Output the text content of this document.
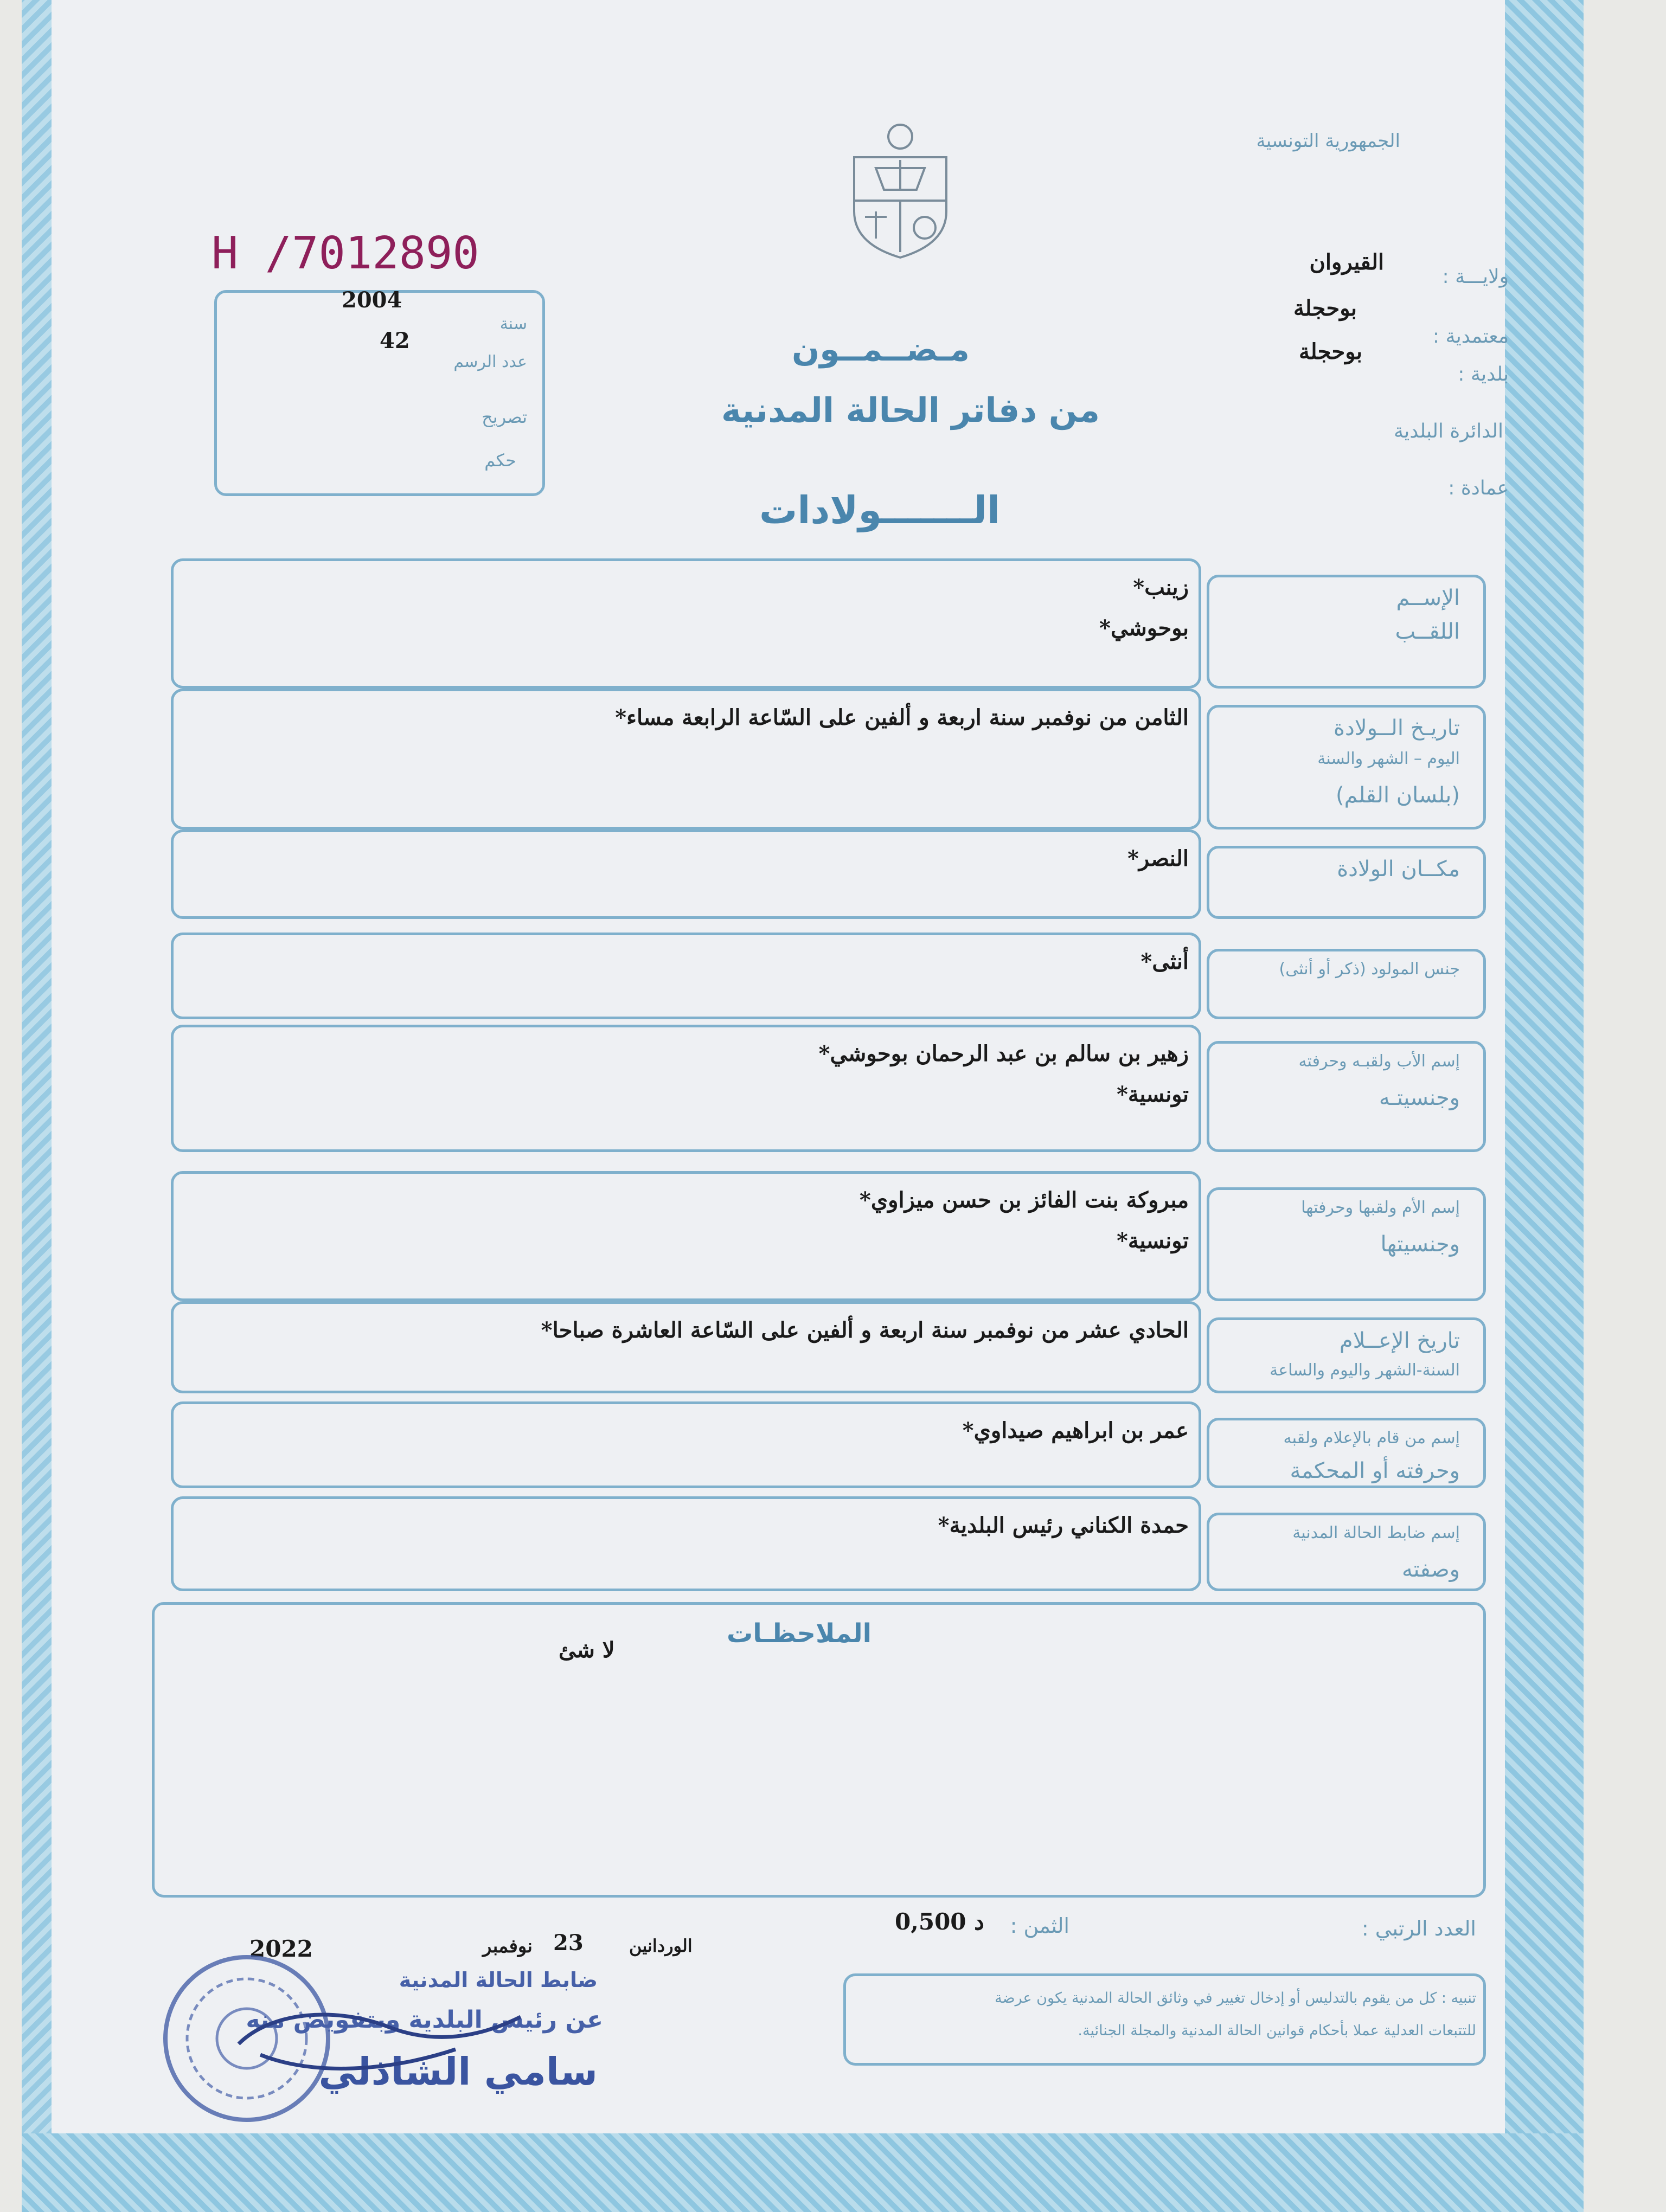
الجمهورية التونسية
ولايـــة :
القيروان
معتمدية :
بوحجلة
بلدية :
بوحجلة
الدائرة البلدية
عمادة :
H /7012890
سنة
2004
عدد الرسم
42
تصريح
حكم
مـضــمــون
من دفاتر الحالة المدنية
الـــــــولادات
الإســم
اللقــب
زينب*
بوحوشي*
تاريـخ الــولادة
اليوم – الشهر والسنة
(بلسان القلم)
الثامن من نوفمبر سنة اربعة و ألفين على السّاعة الرابعة مساء*
مكــان الولادة
النصر*
جنس المولود (ذكر أو أنثى)
أنثى*
إسم الأب ولقبـه وحرفته
وجنسيتـه
زهير بن سالم بن عبد الرحمان بوحوشي*
تونسية*
إسم الأم ولقبها وحرفتها
وجنسيتها
مبروكة بنت الفائز بن حسن ميزاوي*
تونسية*
تاريخ الإعــلام
السنة-الشهر واليوم والساعة
الحادي عشر من نوفمبر سنة اربعة و ألفين على السّاعة العاشرة صباحا*
إسم من قام بالإعلام ولقبه
وحرفته أو المحكمة
عمر بن ابراهيم صيداوي*
إسم ضابط الحالة المدنية
وصفته
حمدة الكناني رئيس البلدية*
الملاحظـات
لا شئ
العدد الرتبي :
الثمن :
0,500 د
الوردانين
23
نوفمبر
2022
تنبيه : كل من يقوم بالتدليس أو إدخال تغيير في وثائق الحالة المدنية يكون عرضة
للتتبعات العدلية عملا بأحكام قوانين الحالة المدنية والمجلة الجنائية.
ضابط الحالة المدنية
عن رئيس البلدية وبتفويض منه
سامي الشاذلي
